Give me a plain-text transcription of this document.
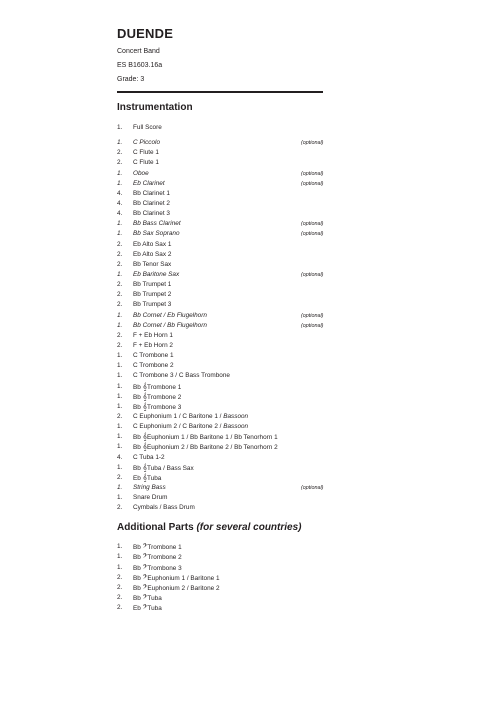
DUENDE
Concert Band
ES B1603.16a
Grade: 3
Instrumentation
1. Full Score
1. C Piccolo	(optional)
2. C Flute 1
2. C Flute 1
1. Oboe	(optional)
1. Eb Clarinet	(optional)
4. Bb Clarinet 1
4. Bb Clarinet 2
4. Bb Clarinet 3
1. Bb Bass Clarinet	(optional)
1. Bb Sax Soprano	(optional)
2. Eb Alto Sax 1
2. Eb Alto Sax 2
2. Bb Tenor Sax
1. Eb Baritone Sax	(optional)
2. Bb Trumpet 1
2. Bb Trumpet 2
2. Bb Trumpet 3
1. Bb Cornet / Eb Flugelhorn	(optional)
1. Bb Cornet / Bb Flugelhorn	(optional)
2. F + Eb Horn 1
2. F + Eb Horn 2
1. C Trombone 1
1. C Trombone 2
1. C Trombone 3 / C Bass Trombone
1. Bb 𝄞Trombone 1
1. Bb 𝄞Trombone 2
1. Bb 𝄞Trombone 3
2. C Euphonium 1 / C Baritone 1 / Bassoon
1. C Euphonium 2 / C Baritone 2 / Bassoon
1. Bb 𝄞Euphonium 1 / Bb Baritone 1 / Bb Tenorhorn 1
1. Bb 𝄞Euphonium 2 / Bb Baritone 2 / Bb Tenorhorn 2
4. C Tuba 1-2
1. Bb 𝄞Tuba / Bass Sax
2. Eb 𝄞Tuba
1. String Bass	(optional)
1. Snare Drum
2. Cymbals / Bass Drum
Additional Parts (for several countries)
1. Bb 𝄢Trombone 1
1. Bb 𝄢Trombone 2
1. Bb 𝄢Trombone 3
2. Bb 𝄢Euphonium 1 / Baritone 1
2. Bb 𝄢Euphonium 2 / Baritone 2
2. Bb 𝄢Tuba
2. Eb 𝄢Tuba
